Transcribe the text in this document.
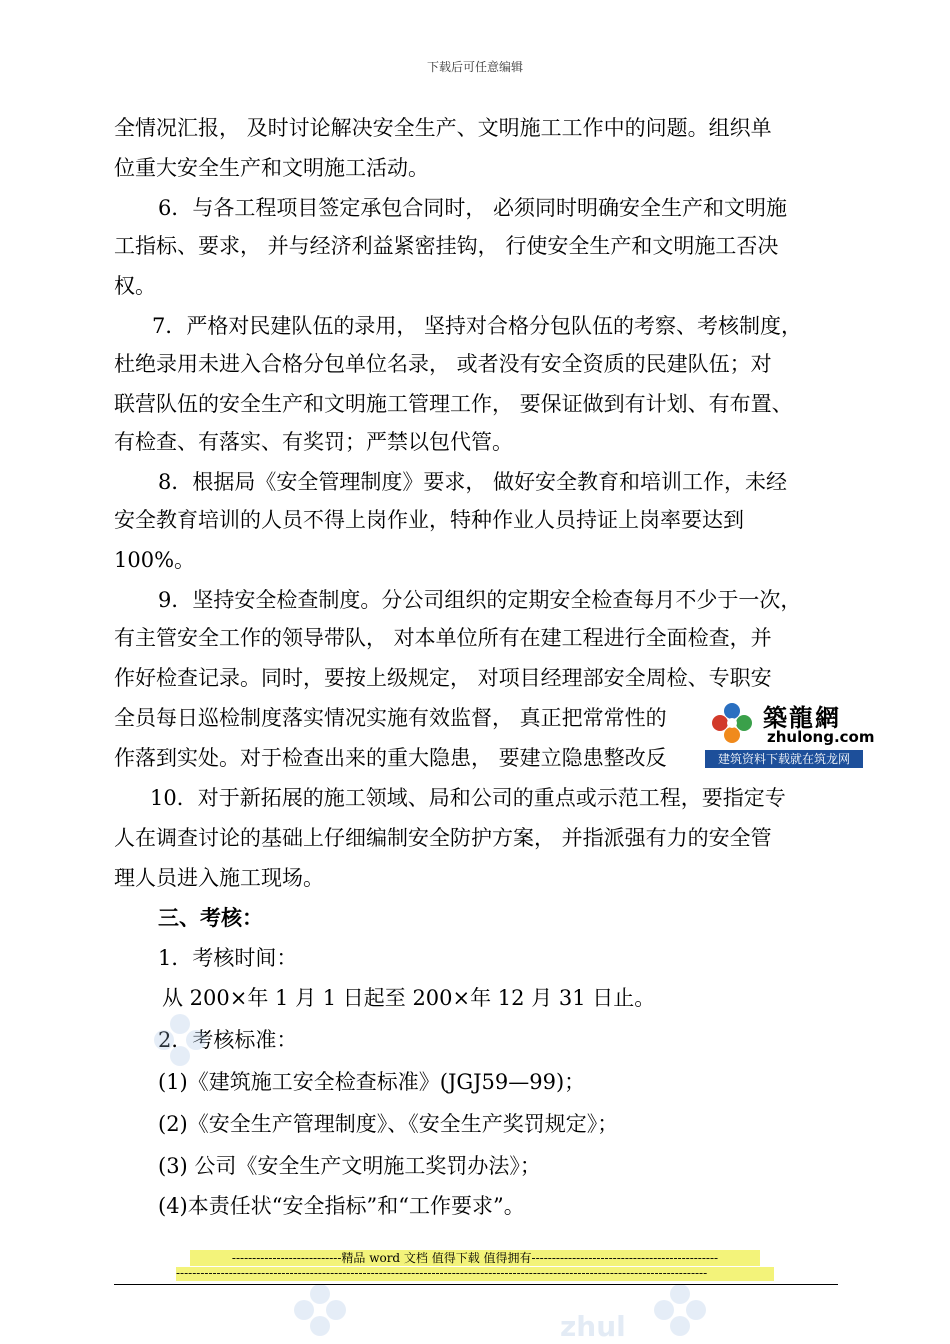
下载后可任意编辑
全情况汇报， 及时讨论解决安全生产、文明施工工作中的问题。组织单
位重大安全生产和文明施工活动。
6．与各工程项目签定承包合同时， 必须同时明确安全生产和文明施
工指标、要求， 并与经济利益紧密挂钩， 行使安全生产和文明施工否决
权。
7．严格对民建队伍的录用， 坚持对合格分包队伍的考察、考核制度，
杜绝录用未进入合格分包单位名录， 或者没有安全资质的民建队伍；对
联营队伍的安全生产和文明施工管理工作， 要保证做到有计划、有布置、
有检查、有落实、有奖罚；严禁以包代管。
8．根据局《安全管理制度》要求， 做好安全教育和培训工作，未经
安全教育培训的人员不得上岗作业，特种作业人员持证上岗率要达到
100%。
9．坚持安全检查制度。分公司组织的定期安全检查每月不少于一次，
有主管安全工作的领导带队， 对本单位所有在建工程进行全面检查，并
作好检查记录。同时，要按上级规定， 对项目经理部安全周检、专职安
全员每日巡检制度落实情况实施有效监督， 真正把常常性的
作落到实处。对于检查出来的重大隐患， 要建立隐患整改反
10．对于新拓展的施工领域、局和公司的重点或示范工程，要指定专
人在调查讨论的基础上仔细编制安全防护方案， 并指派强有力的安全管
理人员进入施工现场。
三、考核：
1．考核时间：
从 200×年 1 月 1 日起至 200×年 12 月 31 日止。
2．考核标准：
(1)《建筑施工安全检查标准》(JGJ59—99)；
(2)《安全生产管理制度》、《安全生产奖罚规定》；
(3) 公司《安全生产文明施工奖罚办法》；
(4)本责任状“安全指标”和“工作要求”。
築龍網
zhulong.com
建筑资料下载就在筑龙网
zhul
---------------------------精品 word 文档 值得下载 值得拥有----------------------------------------------
-----------------------------------------------------------------------------------------------------------------------------------
